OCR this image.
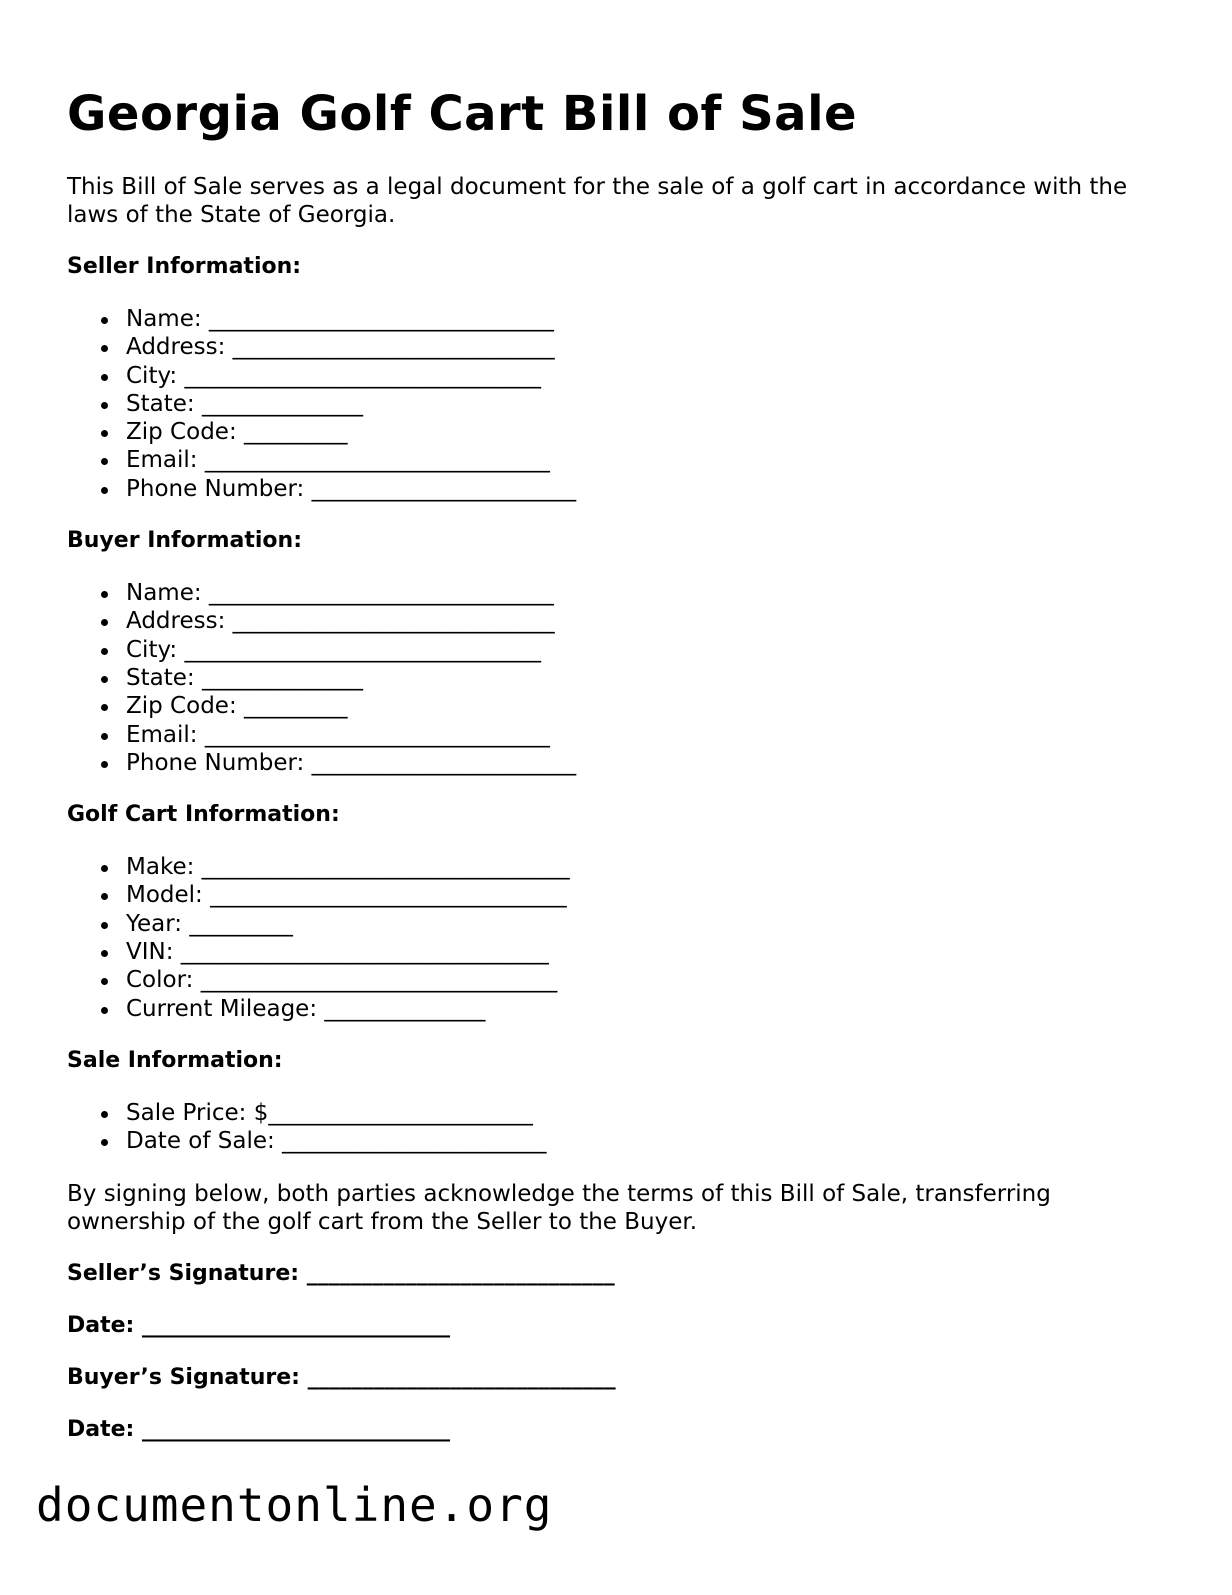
Georgia Golf Cart Bill of Sale

This Bill of Sale serves as a legal document for the sale of a golf cart in accordance with the laws of the State of Georgia.

Seller Information:
Name: ______________________________
Address: ____________________________
City: _______________________________
State: ______________
Zip Code: _________
Email: ______________________________
Phone Number: _______________________
Buyer Information:
Name: ______________________________
Address: ____________________________
City: _______________________________
State: ______________
Zip Code: _________
Email: ______________________________
Phone Number: _______________________
Golf Cart Information:
Make: ________________________________
Model: _______________________________
Year: _________
VIN: ________________________________
Color: _______________________________
Current Mileage: ______________
Sale Information:
Sale Price: $_______________________
Date of Sale: _______________________

By signing below, both parties acknowledge the terms of this Bill of Sale, transferring ownership of the golf cart from the Seller to the Buyer.

Seller’s Signature: ____________________________
Date: ____________________________
Buyer’s Signature: ____________________________
Date: ____________________________
documentonline.org
